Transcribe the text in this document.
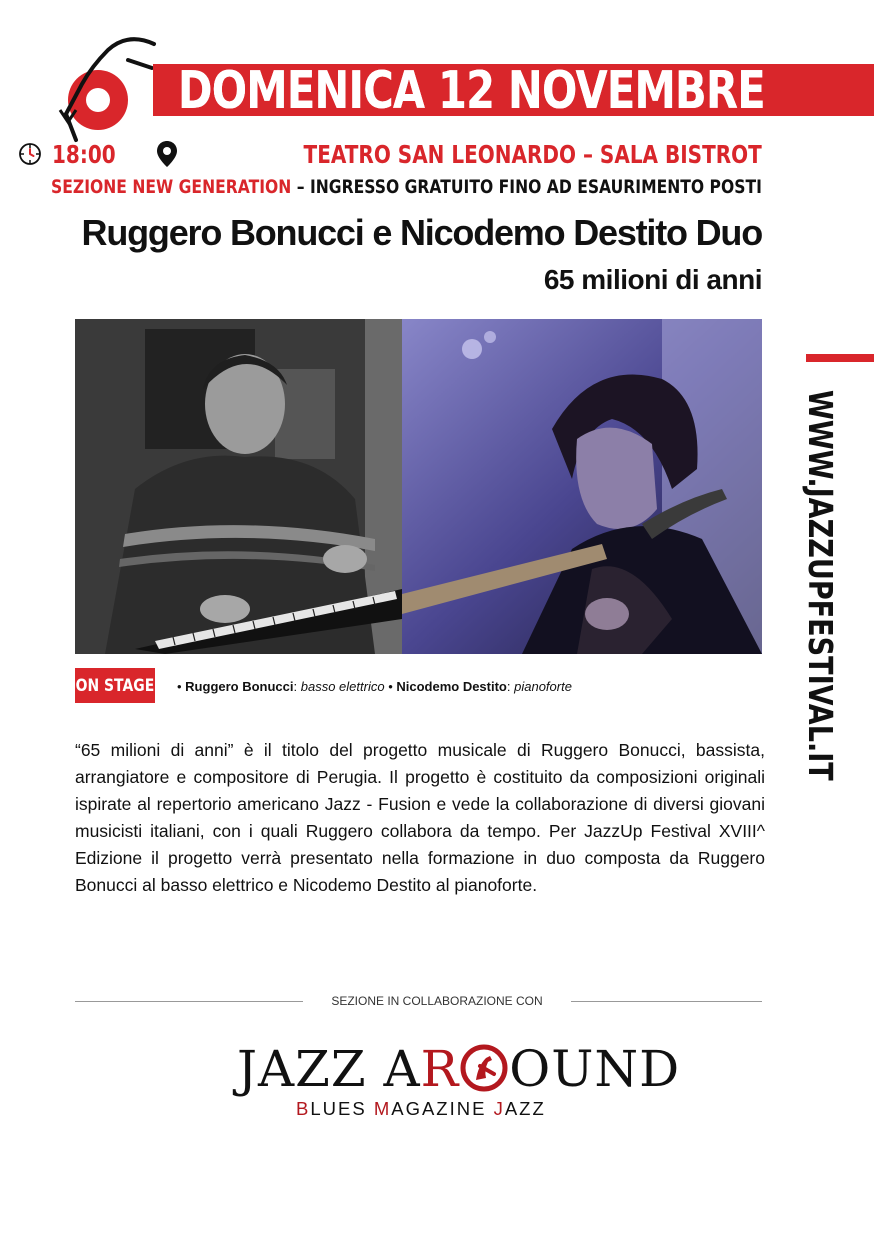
DOMENICA 12 NOVEMBRE
18:00	TEATRO SAN LEONARDO – SALA BISTROT
SEZIONE NEW GENERATION – INGRESSO GRATUITO FINO AD ESAURIMENTO POSTI
Ruggero Bonucci e Nicodemo Destito Duo
65 milioni di anni
WWW.JAZZUPFESTIVAL.IT
ON STAGE • Ruggero Bonucci: basso elettrico • Nicodemo Destito: pianoforte

“65 milioni di anni” è il titolo del progetto musicale di Ruggero Bonucci, bassista, arrangiatore e compositore di Perugia. Il progetto è costituito da composizioni originali ispirate al repertorio americano Jazz - Fusion e vede la collaborazione di diversi giovani musicisti italiani, con i quali Ruggero collabora da tempo. Per JazzUp Festival XVIII^ Edizione il progetto verrà presentato nella formazione in duo composta da Ruggero Bonucci al basso elettrico e Nicodemo Destito al pianoforte.

SEZIONE IN COLLABORAZIONE CON
JAZZ AR OUND
BLUES MAGAZINE JAZZ
